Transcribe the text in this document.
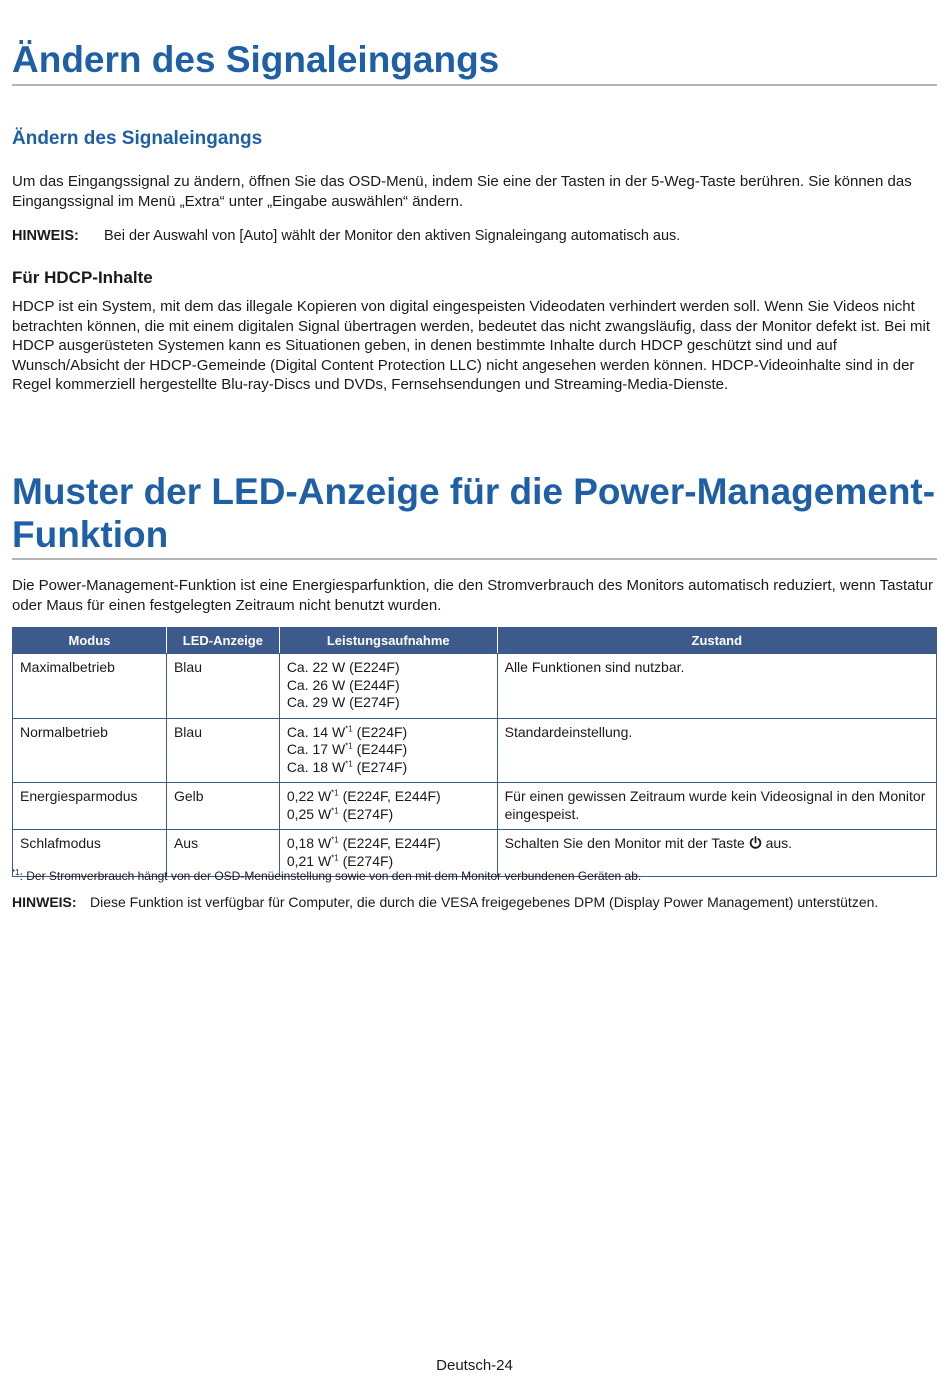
Ändern des Signaleingangs
Ändern des Signaleingangs

Um das Eingangssignal zu ändern, öffnen Sie das OSD-Menü, indem Sie eine der Tasten in der 5-Weg-Taste berühren. Sie können das Eingangssignal im Menü „Extra“ unter „Eingabe auswählen“ ändern.

HINWEIS: Bei der Auswahl von [Auto] wählt der Monitor den aktiven Signaleingang automatisch aus.
Für HDCP-Inhalte

HDCP ist ein System, mit dem das illegale Kopieren von digital eingespeisten Videodaten verhindert werden soll. Wenn Sie Videos nicht betrachten können, die mit einem digitalen Signal übertragen werden, bedeutet das nicht zwangsläufig, dass der Monitor defekt ist. Bei mit HDCP ausgerüsteten Systemen kann es Situationen geben, in denen bestimmte Inhalte durch HDCP geschützt sind und auf Wunsch/Absicht der HDCP-Gemeinde (Digital Content Protection LLC) nicht angesehen werden können. HDCP-Videoinhalte sind in der Regel kommerziell hergestellte Blu-ray-Discs und DVDs, Fernsehsendungen und Streaming-Media-Dienste.

Muster der LED-Anzeige für die Power-Management-Funktion

Die Power-Management-Funktion ist eine Energiesparfunktion, die den Stromverbrauch des Monitors automatisch reduziert, wenn Tastatur oder Maus für einen festgelegten Zeitraum nicht benutzt wurden.

Modus	LED-Anzeige	Leistungsaufnahme	Zustand
Maximalbetrieb	Blau	Ca. 22 W (E224F)
Ca. 26 W (E244F)
Ca. 29 W (E274F)	Alle Funktionen sind nutzbar.
Normalbetrieb	Blau	Ca. 14 $W^{*1}$ (E224F)
Ca. 17 $W^{*1}$ (E244F)
Ca. 18 $W^{*1}$ (E274F)	Standardeinstellung.
Energiesparmodus	Gelb	0,22 $W^{*1}$ (E224F, E244F)
0,25 $W^{*1}$ (E274F)	Für einen gewissen Zeitraum wurde kein Videosignal in den Monitor eingespeist.
Schlafmodus	Aus	0,18 $W^{*1}$ (E224F, E244F)
0,21 $W^{*1}$ (E274F)	Schalten Sie den Monitor mit der Taste aus.
$^{*1}$: Der Stromverbrauch hängt von der OSD-Menüeinstellung sowie von den mit dem Monitor verbundenen Geräten ab.
HINWEIS: Diese Funktion ist verfügbar für Computer, die durch die VESA freigegebenes DPM (Display Power Management) unterstützen.
Deutsch-24
